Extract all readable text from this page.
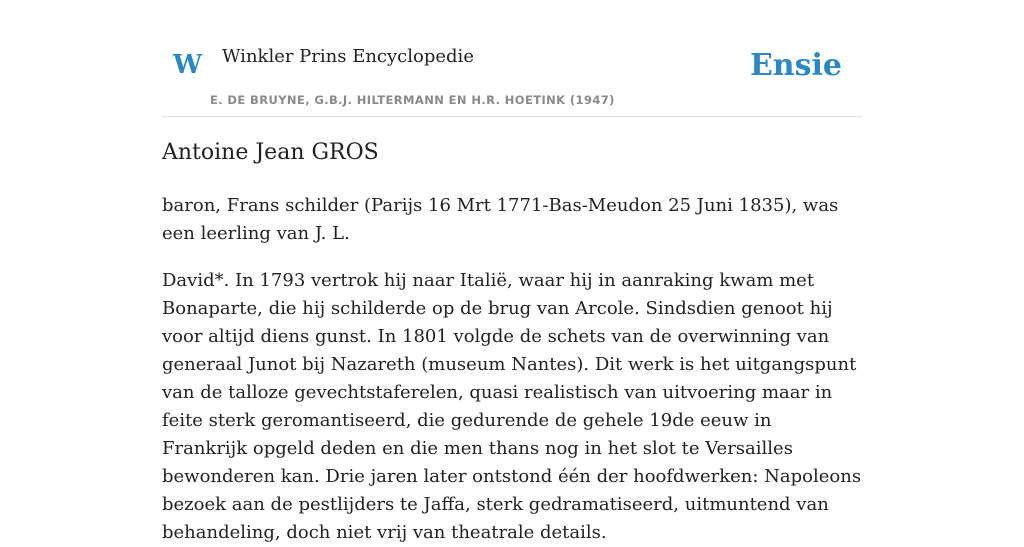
W Winkler Prins Encyclopedie
E. DE BRUYNE, G.B.J. HILTERMANN EN H.R. HOETINK (1947)
Ensie
Antoine Jean GROS

baron, Frans schilder (Parijs 16 Mrt 1771-Bas-Meudon 25 Juni 1835), was een leerling van J. L.

David*. In 1793 vertrok hij naar Italië, waar hij in aanraking kwam met Bonaparte, die hij schilderde op de brug van Arcole. Sindsdien genoot hij voor altijd diens gunst. In 1801 volgde de schets van de overwinning van generaal Junot bij Nazareth (museum Nantes). Dit werk is het uitgangspunt van de talloze gevechtstaferelen, quasi realistisch van uitvoering maar in feite sterk geromantiseerd, die gedurende de gehele 19de eeuw in Frankrijk opgeld deden en die men thans nog in het slot te Versailles bewonderen kan. Drie jaren later ontstond één der hoofdwerken: Napoleons bezoek aan de pestlijders te Jaffa, sterk gedramatiseerd, uitmuntend van behandeling, doch niet vrij van theatrale details.
